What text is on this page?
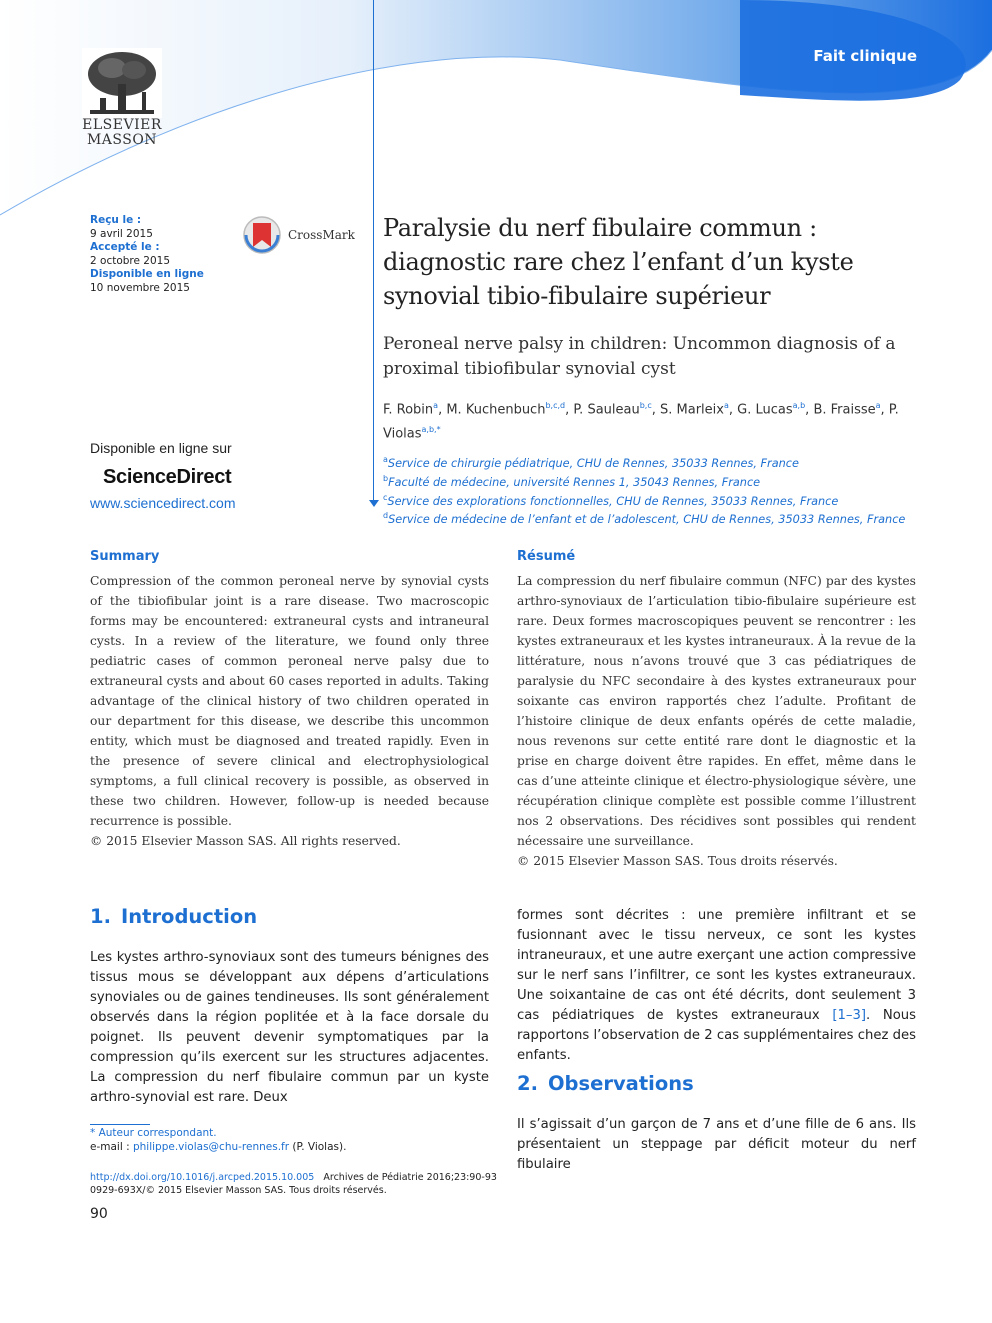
Fait clinique
ELSEVIER
MASSON
Reçu le :
9 avril 2015
Accepté le :
2 octobre 2015
Disponible en ligne
10 novembre 2015
CrossMark Paralysie du nerf fibulaire commun : diagnostic rare chez l’enfant d’un kyste synovial tibio-fibulaire supérieur
Peroneal nerve palsy in children: Uncommon diagnosis of a proximal tibiofibular synovial cyst
F. Robin$^a$, M. Kuchenbuch$^{b,c,d}$, P. Sauleau$^{b,c}$, S. Marleix$^a$, G. Lucas$^{a,b}$, B. Fraisse$^a$, P. Violas$^{a,b,*}$
$^a$Service de chirurgie pédiatrique, CHU de Rennes, 35033 Rennes, France
$^b$Faculté de médecine, université Rennes 1, 35043 Rennes, France
$^c$Service des explorations fonctionnelles, CHU de Rennes, 35033 Rennes, France
$^d$Service de médecine de l’enfant et de l’adolescent, CHU de Rennes, 35033 Rennes, France
Disponible en ligne sur
ScienceDirect
www.sciencedirect.com
Summary
Compression of the common peroneal nerve by synovial cysts of the tibiofibular joint is a rare disease. Two macroscopic forms may be encountered: extraneural cysts and intraneural cysts. In a review of the literature, we found only three pediatric cases of common peroneal nerve palsy due to extraneural cysts and about 60 cases reported in adults. Taking advantage of the clinical history of two children operated in our department for this disease, we describe this uncommon entity, which must be diagnosed and treated rapidly. Even in the presence of severe clinical and electrophysiological symptoms, a full clinical recovery is possible, as observed in these two children. However, follow-up is needed because recurrence is possible.
© 2015 Elsevier Masson SAS. All rights reserved.
Résumé
La compression du nerf fibulaire commun (NFC) par des kystes arthro-synoviaux de l’articulation tibio-fibulaire supérieure est rare. Deux formes macroscopiques peuvent se rencontrer : les kystes extraneuraux et les kystes intraneuraux. À la revue de la littérature, nous n’avons trouvé que 3 cas pédiatriques de paralysie du NFC secondaire à des kystes extraneuraux pour soixante cas environ rapportés chez l’adulte. Profitant de l’histoire clinique de deux enfants opérés de cette maladie, nous revenons sur cette entité rare dont le diagnostic et la prise en charge doivent être rapides. En effet, même dans le cas d’une atteinte clinique et électro-physiologique sévère, une récupération clinique complète est possible comme l’illustrent nos 2 observations. Des récidives sont possibles qui rendent nécessaire une surveillance.
© 2015 Elsevier Masson SAS. Tous droits réservés.
1. Introduction
Les kystes arthro-synoviaux sont des tumeurs bénignes des tissus mous se développant aux dépens d’articulations synoviales ou de gaines tendineuses. Ils sont généralement observés dans la région poplitée et à la face dorsale du poignet. Ils peuvent devenir symptomatiques par la compression qu’ils exercent sur les structures adjacentes. La compression du nerf fibulaire commun par un kyste arthro-synovial est rare. Deux
formes sont décrites : une première infiltrant et se fusionnant avec le tissu nerveux, ce sont les kystes intraneuraux, et une autre exerçant une action compressive sur le nerf sans l’infiltrer, ce sont les kystes extraneuraux. Une soixantaine de cas ont été décrits, dont seulement 3 cas pédiatriques de kystes extraneuraux [1–3]. Nous rapportons l’observation de 2 cas supplémentaires chez des enfants.
2. Observations
Il s’agissait d’un garçon de 7 ans et d’une fille de 6 ans. Ils présentaient un steppage par déficit moteur du nerf fibulaire
* Auteur correspondant.
e-mail : philippe.violas@chu-rennes.fr (P. Violas).
http://dx.doi.org/10.1016/j.arcped.2015.10.005 Archives de Pédiatrie 2016;23:90-93
0929-693X/© 2015 Elsevier Masson SAS. Tous droits réservés.
90
